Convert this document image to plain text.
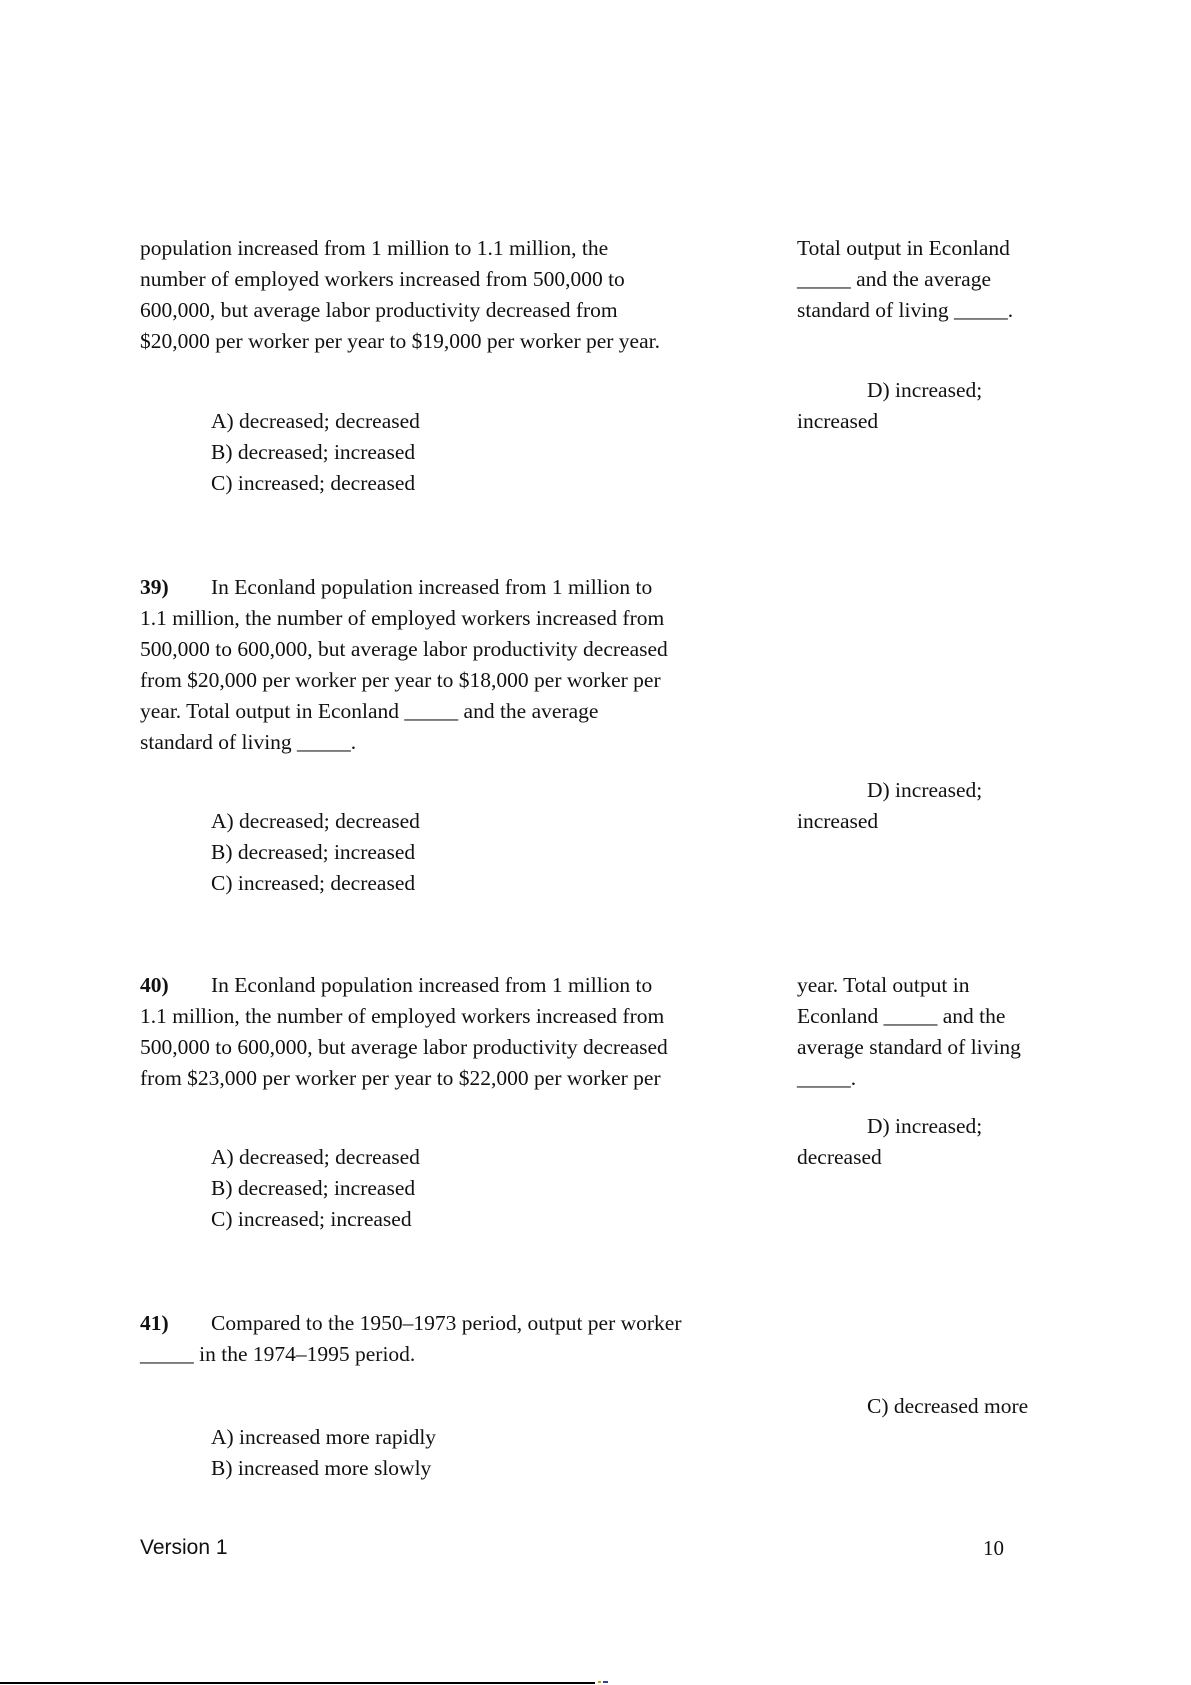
population increased from 1 million to 1.1 million, the
number of employed workers increased from 500,000 to
600,000, but average labor productivity decreased from
$20,000 per worker per year to $19,000 per worker per year.
Total output in Econland
_____ and the average
standard of living _____.
A) decreased; decreased
B) decreased; increased
C) increased; decreased
D) increased;
increased
39) In Econland population increased from 1 million to
1.1 million, the number of employed workers increased from
500,000 to 600,000, but average labor productivity decreased
from $20,000 per worker per year to $18,000 per worker per
year. Total output in Econland _____ and the average
standard of living _____.
A) decreased; decreased
B) decreased; increased
C) increased; decreased
D) increased;
increased
40) In Econland population increased from 1 million to
1.1 million, the number of employed workers increased from
500,000 to 600,000, but average labor productivity decreased
from $23,000 per worker per year to $22,000 per worker per
year. Total output in
Econland _____ and the
average standard of living
_____.
A) decreased; decreased
B) decreased; increased
C) increased; increased
D) increased;
decreased
41) Compared to the 1950–1973 period, output per worker
_____ in the 1974–1995 period.
C) decreased more
A) increased more rapidly
B) increased more slowly
Version 1	10
